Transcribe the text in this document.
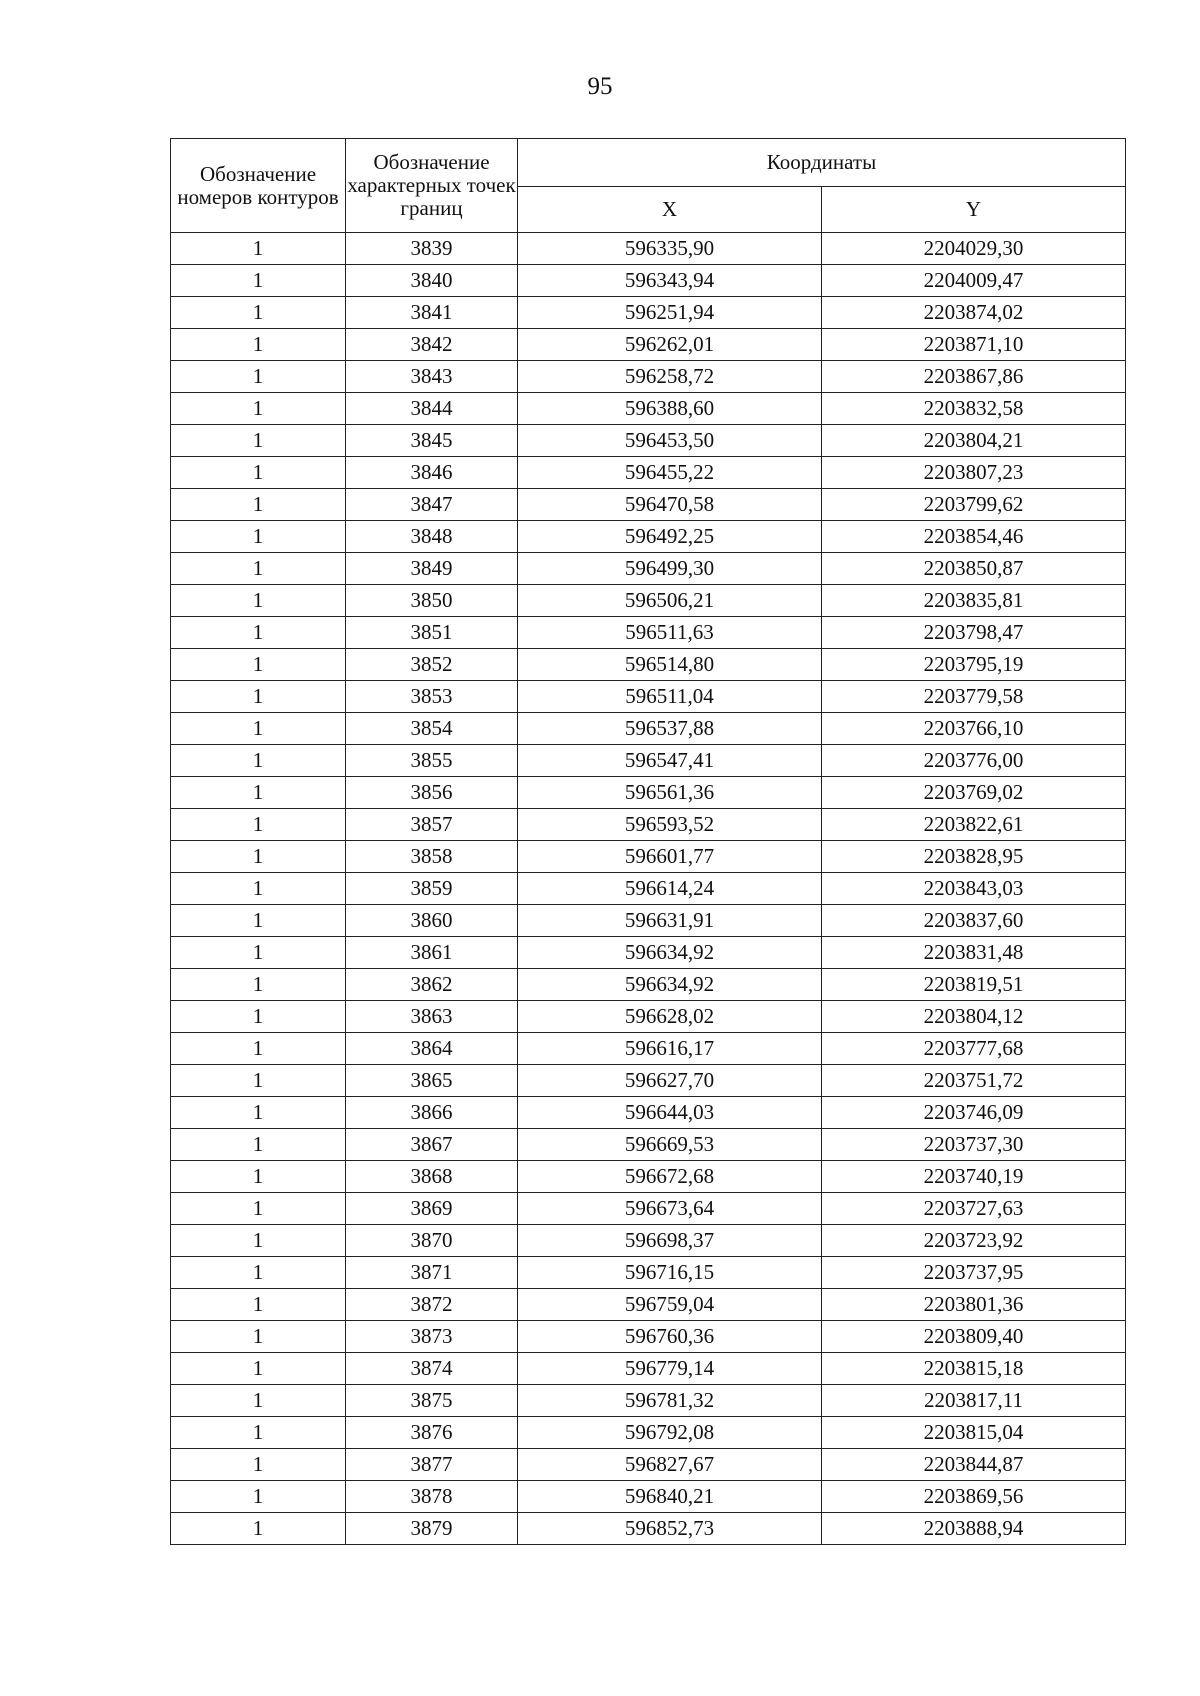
95
Обозначение номеров контуров	Обозначение характерных точек границ	Координаты	
		X	Y
1	3839	596335,90	2204029,30
1	3840	596343,94	2204009,47
1	3841	596251,94	2203874,02
1	3842	596262,01	2203871,10
1	3843	596258,72	2203867,86
1	3844	596388,60	2203832,58
1	3845	596453,50	2203804,21
1	3846	596455,22	2203807,23
1	3847	596470,58	2203799,62
1	3848	596492,25	2203854,46
1	3849	596499,30	2203850,87
1	3850	596506,21	2203835,81
1	3851	596511,63	2203798,47
1	3852	596514,80	2203795,19
1	3853	596511,04	2203779,58
1	3854	596537,88	2203766,10
1	3855	596547,41	2203776,00
1	3856	596561,36	2203769,02
1	3857	596593,52	2203822,61
1	3858	596601,77	2203828,95
1	3859	596614,24	2203843,03
1	3860	596631,91	2203837,60
1	3861	596634,92	2203831,48
1	3862	596634,92	2203819,51
1	3863	596628,02	2203804,12
1	3864	596616,17	2203777,68
1	3865	596627,70	2203751,72
1	3866	596644,03	2203746,09
1	3867	596669,53	2203737,30
1	3868	596672,68	2203740,19
1	3869	596673,64	2203727,63
1	3870	596698,37	2203723,92
1	3871	596716,15	2203737,95
1	3872	596759,04	2203801,36
1	3873	596760,36	2203809,40
1	3874	596779,14	2203815,18
1	3875	596781,32	2203817,11
1	3876	596792,08	2203815,04
1	3877	596827,67	2203844,87
1	3878	596840,21	2203869,56
1	3879	596852,73	2203888,94
